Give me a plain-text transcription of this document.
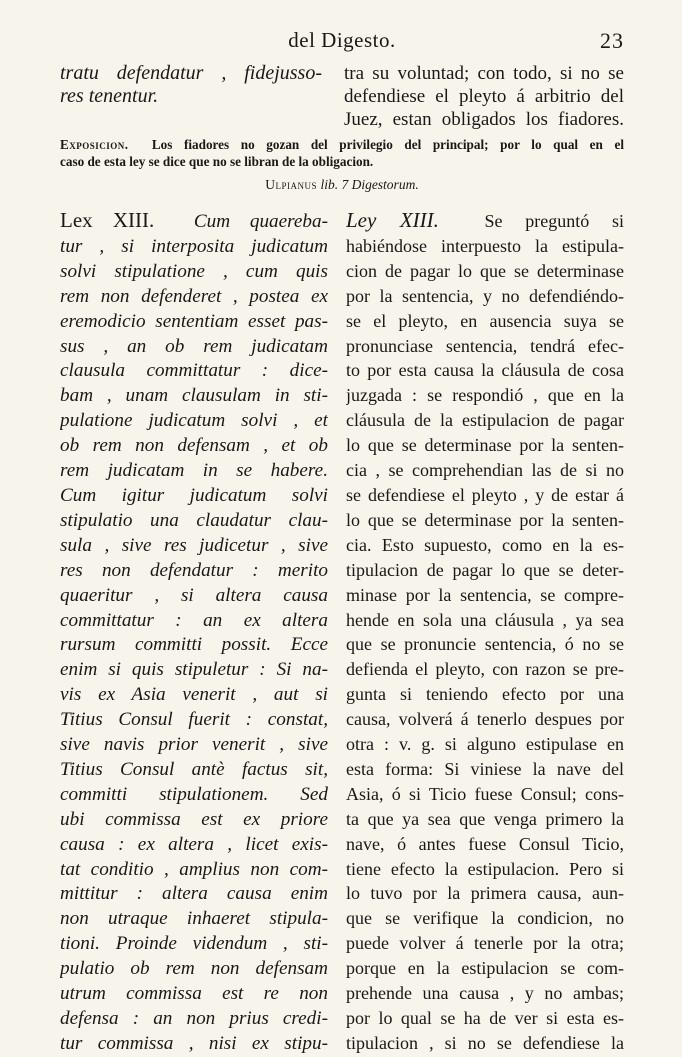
del Digesto.	23
tratu defendatur , fidejusso-
res tenentur.
tra su voluntad; con todo, si no se
defendiese el pleyto á arbitrio del
Juez, estan obligados los fiadores.
Exposicion. Los fiadores no gozan del privilegio del principal; por lo qual en el
caso de esta ley se dice que no se libran de la obligacion.
Ulpianus lib. 7 Digestorum.
Lex XIII. Cum quaereba-
tur , si interposita judicatum
solvi stipulatione , cum quis
rem non defenderet , postea ex
eremodicio sententiam esset pas-
sus , an ob rem judicatam
clausula committatur : dice-
bam , unam clausulam in sti-
pulatione judicatum solvi , et
ob rem non defensam , et ob
rem judicatam in se habere.
Cum igitur judicatum solvi
stipulatio una claudatur clau-
sula , sive res judicetur , sive
res non defendatur : merito
quaeritur , si altera causa
committatur : an ex altera
rursum committi possit. Ecce
enim si quis stipuletur : Si na-
vis ex Asia venerit , aut si
Titius Consul fuerit : constat,
sive navis prior venerit , sive
Titius Consul antè factus sit,
committi stipulationem. Sed
ubi commissa est ex priore
causa : ex altera , licet exis-
tat conditio , amplius non com-
mittitur : altera causa enim
non utraque inhaeret stipula-
tioni. Proinde videndum , sti-
pulatio ob rem non defensam
utrum commissa est re non
defensa : an non prius credi-
tur commissa , nisi ex stipu-
Ley XIII.	Se preguntó si
habiéndose interpuesto la estipula-
cion de pagar lo que se determinase
por la sentencia, y no defendiéndo-
se el pleyto, en ausencia suya se
pronunciase sentencia, tendrá efec-
to por esta causa la cláusula de cosa
juzgada : se respondió , que en la
cláusula de la estipulacion de pagar
lo que se determinase por la senten-
cia , se comprehendian las de si no
se defendiese el pleyto , y de estar á
lo que se determinase por la senten-
cia. Esto supuesto, como en la es-
tipulacion de pagar lo que se deter-
minase por la sentencia, se compre-
hende en sola una cláusula , ya sea
que se pronuncie sentencia, ó no se
defienda el pleyto, con razon se pre-
gunta si teniendo efecto por una
causa, volverá á tenerlo despues por
otra : v. g. si alguno estipulase en
esta forma: Si viniese la nave del
Asia, ó si Ticio fuese Consul; cons-
ta que ya sea que venga primero la
nave, ó antes fuese Consul Ticio,
tiene efecto la estipulacion. Pero si
lo tuvo por la primera causa, aun-
que se verifique la condicion, no
puede volver á tenerle por la otra;
porque en la estipulacion se com-
prehende una causa , y no ambas;
por lo qual se ha de ver si esta es-
tipulacion , si no se defendiese la
